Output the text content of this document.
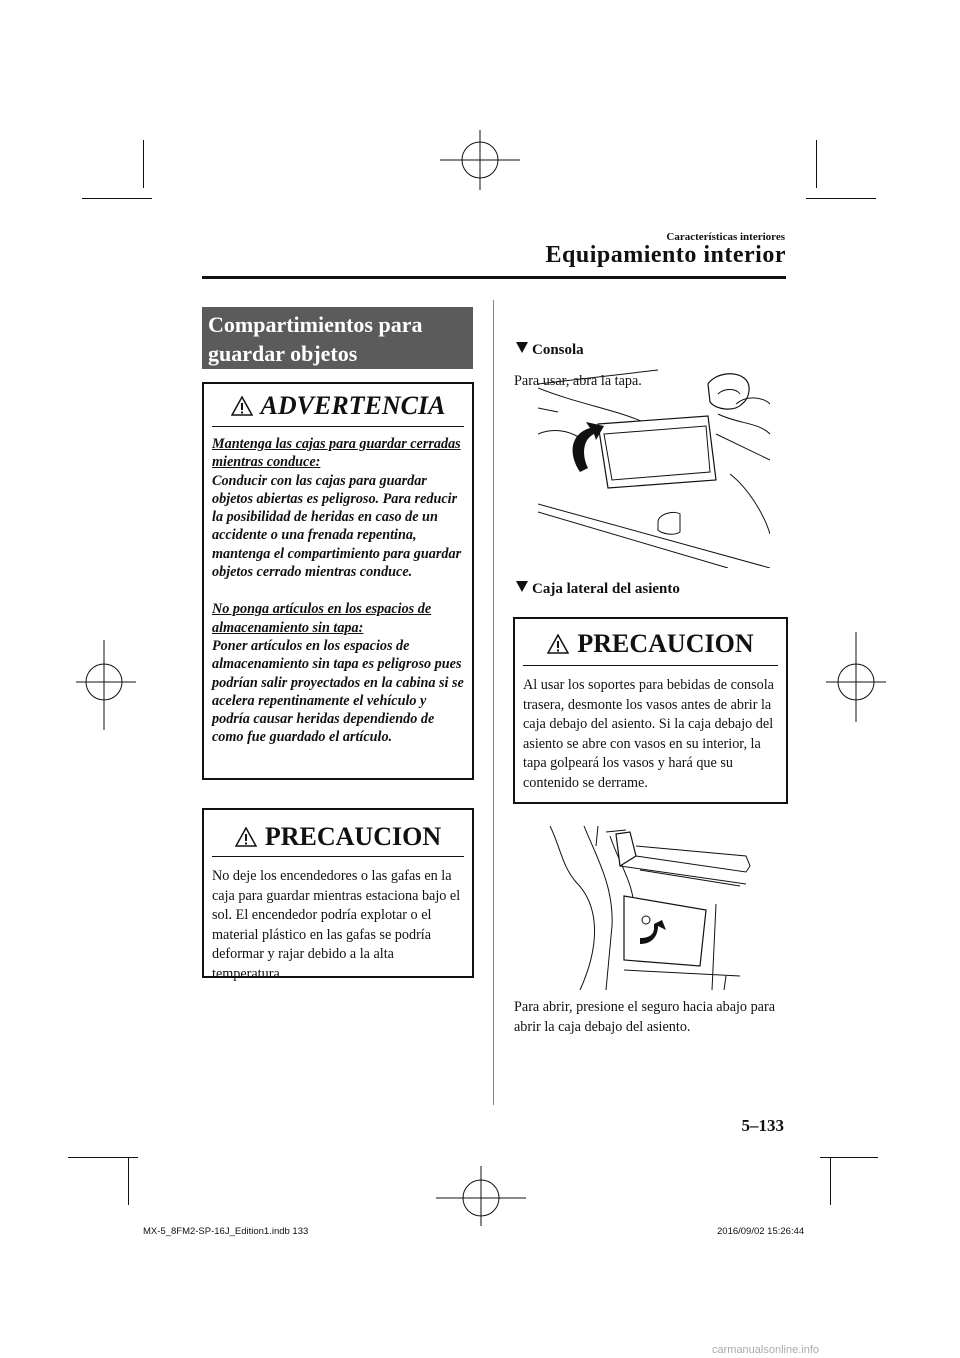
Características interiores
Equipamiento interior
Compartimientos para
guardar objetos
ADVERTENCIA

Mantenga las cajas para guardar cerradas mientras conduce:
Conducir con las cajas para guardar objetos abiertas es peligroso. Para reducir la posibilidad de heridas en caso de un accidente o una frenada repentina, mantenga el compartimiento para guardar objetos cerrado mientras conduce.

No ponga artículos en los espacios de almacenamiento sin tapa:
Poner artículos en los espacios de almacenamiento sin tapa es peligroso pues podrían salir proyectados en la cabina si se acelera repentinamente el vehículo y podría causar heridas dependiendo de como fue guardado el artículo.

PRECAUCION
No deje los encendedores o las gafas en la caja para guardar mientras estaciona bajo el sol. El encendedor podría explotar o el material plástico en las gafas se podría deformar y rajar debido a la alta temperatura.
Consola
Para usar, abra la tapa.
Caja lateral del asiento
PRECAUCION
Al usar los soportes para bebidas de consola trasera, desmonte los vasos antes de abrir la caja debajo del asiento. Si la caja debajo del asiento se abre con vasos en su interior, la tapa golpeará los vasos y hará que su contenido se derrame.
Para abrir, presione el seguro hacia abajo para abrir la caja debajo del asiento.
5–133
MX-5_8FM2-SP-16J_Edition1.indb 133	2016/09/02 15:26:44
carmanualsonline.info
